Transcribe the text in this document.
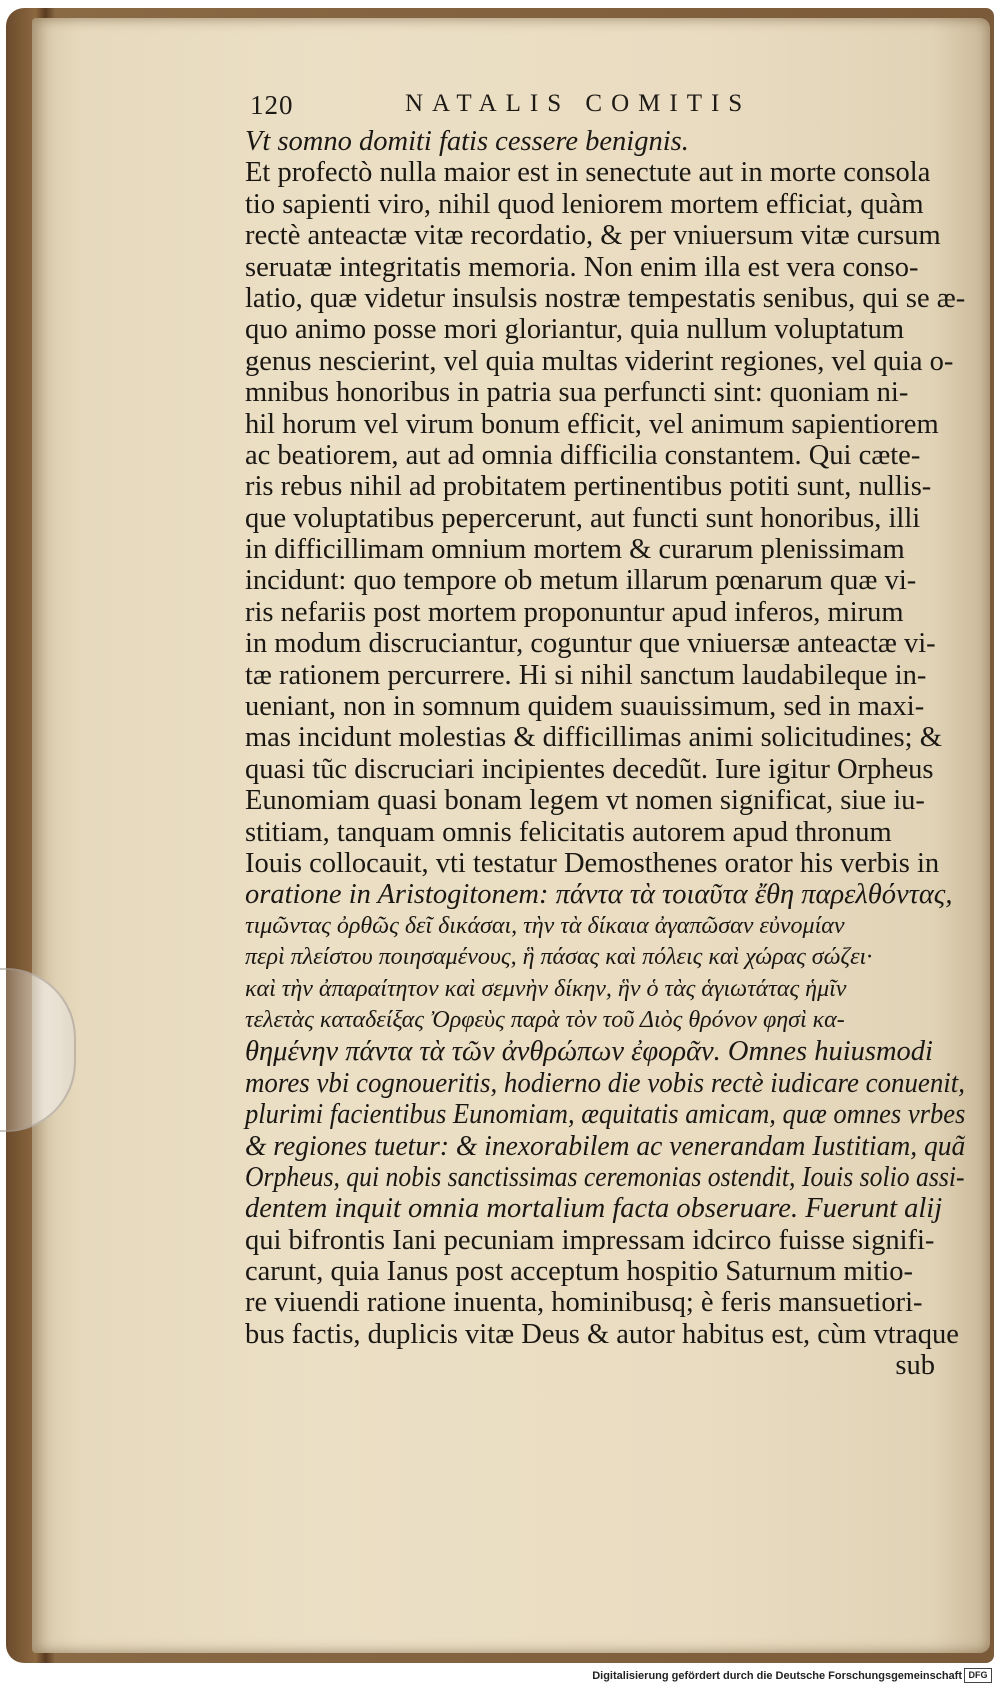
120	NATALIS COMITIS
Vt somno domiti fatis cessere benignis.
Et profectò nulla maior est in senectute aut in morte consola
tio sapienti viro, nihil quod leniorem mortem efficiat, quàm
rectè anteactæ vitæ recordatio, & per vniuersum vitæ cursum
seruatæ integritatis memoria. Non enim illa est vera conso-
latio, quæ videtur insulsis nostræ tempestatis senibus, qui se æ-
quo animo posse mori gloriantur, quia nullum voluptatum
genus nescierint, vel quia multas viderint regiones, vel quia o-
mnibus honoribus in patria sua perfuncti sint: quoniam ni-
hil horum vel virum bonum efficit, vel animum sapientiorem
ac beatiorem, aut ad omnia difficilia constantem. Qui cæte-
ris rebus nihil ad probitatem pertinentibus potiti sunt, nullis-
que voluptatibus pepercerunt, aut functi sunt honoribus, illi
in difficillimam omnium mortem & curarum plenissimam
incidunt: quo tempore ob metum illarum pœnarum quæ vi-
ris nefariis post mortem proponuntur apud inferos, mirum
in modum discruciantur, coguntur que vniuersæ anteactæ vi-
tæ rationem percurrere. Hi si nihil sanctum laudabileque in-
ueniant, non in somnum quidem suauissimum, sed in maxi-
mas incidunt molestias & difficillimas animi solicitudines; &
quasi tũc discruciari incipientes decedũt. Iure igitur Orpheus
Eunomiam quasi bonam legem vt nomen significat, siue iu-
stitiam, tanquam omnis felicitatis autorem apud thronum
Iouis collocauit, vti testatur Demosthenes orator his verbis in
oratione in Aristogitonem: πάντα τὰ τοιαῦτα ἔθη παρελθόντας,
τιμῶντας ὀρθῶς δεῖ δικάσαι, τὴν τὰ δίκαια ἀγαπῶσαν εὐνομίαν
περὶ πλείστου ποιησαμένους, ἣ πάσας καὶ πόλεις καὶ χώρας σώζει·
καὶ τὴν ἀπαραίτητον καὶ σεμνὴν δίκην, ἣν ὁ τὰς ἁγιωτάτας ἡμῖν
τελετὰς καταδείξας Ὀρφεὺς παρὰ τὸν τοῦ Διὸς θρόνον φησὶ κα-
θημένην πάντα τὰ τῶν ἀνθρώπων ἐφορᾶν. Omnes huiusmodi
mores vbi cognoueritis, hodierno die vobis rectè iudicare conuenit,
plurimi facientibus Eunomiam, æquitatis amicam, quæ omnes vrbes
& regiones tuetur: & inexorabilem ac venerandam Iustitiam, quã
Orpheus, qui nobis sanctissimas ceremonias ostendit, Iouis solio assi-
dentem inquit omnia mortalium facta obseruare. Fuerunt alij
qui bifrontis Iani pecuniam impressam idcirco fuisse signifi-
carunt, quia Ianus post acceptum hospitio Saturnum mitio-
re viuendi ratione inuenta, hominibusq; è feris mansuetiori-
bus factis, duplicis vitæ Deus & autor habitus est, cùm vtraque
sub
Digitalisierung gefördert durch die Deutsche Forschungsgemeinschaft DFG
